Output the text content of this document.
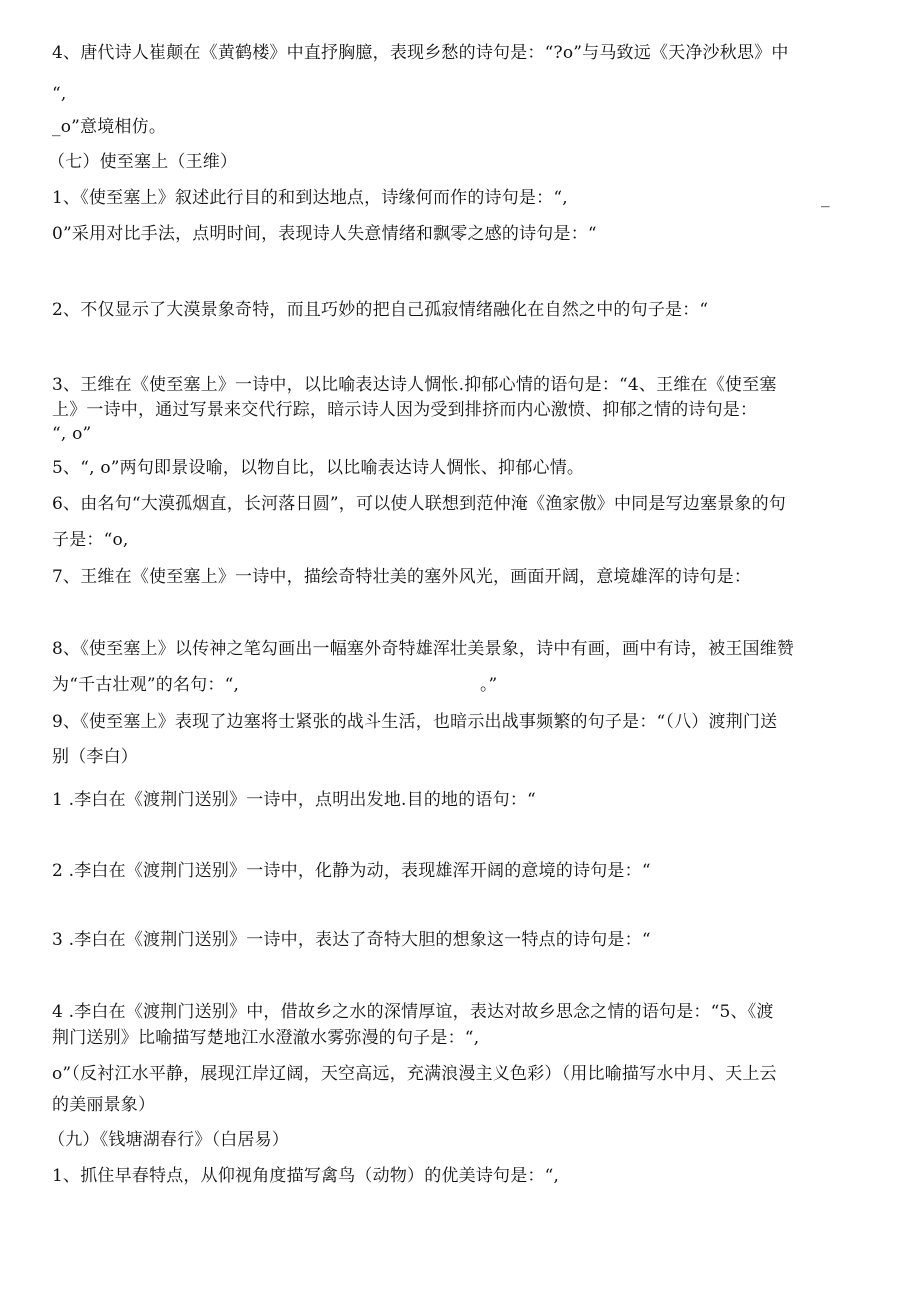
4、唐代诗人崔颠在《黄鹤楼》中直抒胸臆，表现乡愁的诗句是：“?o”与马致远《天净沙秋思》中
“,
_o”意境相仿。
（七）使至塞上（王维）
1、《使至塞上》叙述此行目的和到达地点，诗缘何而作的诗句是：“,	_
0”采用对比手法，点明时间，表现诗人失意情绪和飘零之感的诗句是：“
2、不仅显示了大漠景象奇特，而且巧妙的把自己孤寂情绪融化在自然之中的句子是：“
3、王维在《使至塞上》一诗中，以比喻表达诗人惆怅.抑郁心情的语句是：“4、王维在《使至塞
上》一诗中，通过写景来交代行踪，暗示诗人因为受到排挤而内心激愤、抑郁之情的诗句是：
“, o”
5、“, o”两句即景设喻，以物自比，以比喻表达诗人惆怅、抑郁心情。
6、由名句“大漠孤烟直，长河落日圆”，可以使人联想到范仲淹《渔家傲》中同是写边塞景象的句
子是：“o,
7、王维在《使至塞上》一诗中，描绘奇特壮美的塞外风光，画面开阔，意境雄浑的诗句是：
8、《使至塞上》以传神之笔勾画出一幅塞外奇特雄浑壮美景象，诗中有画，画中有诗，被王国维赞
为“千古壮观”的名句：“,	。”
9、《使至塞上》表现了边塞将士紧张的战斗生活，也暗示出战事频繁的句子是：“（八）渡荆门送
别（李白）
1 .李白在《渡荆门送别》一诗中，点明出发地.目的地的语句：“
2 .李白在《渡荆门送别》一诗中，化静为动，表现雄浑开阔的意境的诗句是：“
3 .李白在《渡荆门送别》一诗中，表达了奇特大胆的想象这一特点的诗句是：“
4 .李白在《渡荆门送别》中，借故乡之水的深情厚谊，表达对故乡思念之情的语句是：“5、《渡
荆门送别》比喻描写楚地江水澄澈水雾弥漫的句子是：“,
o”（反衬江水平静，展现江岸辽阔，天空高远，充满浪漫主义色彩）（用比喻描写水中月、天上云
的美丽景象）
（九）《钱塘湖春行》（白居易）
1、抓住早春特点，从仰视角度描写禽鸟（动物）的优美诗句是：“,
